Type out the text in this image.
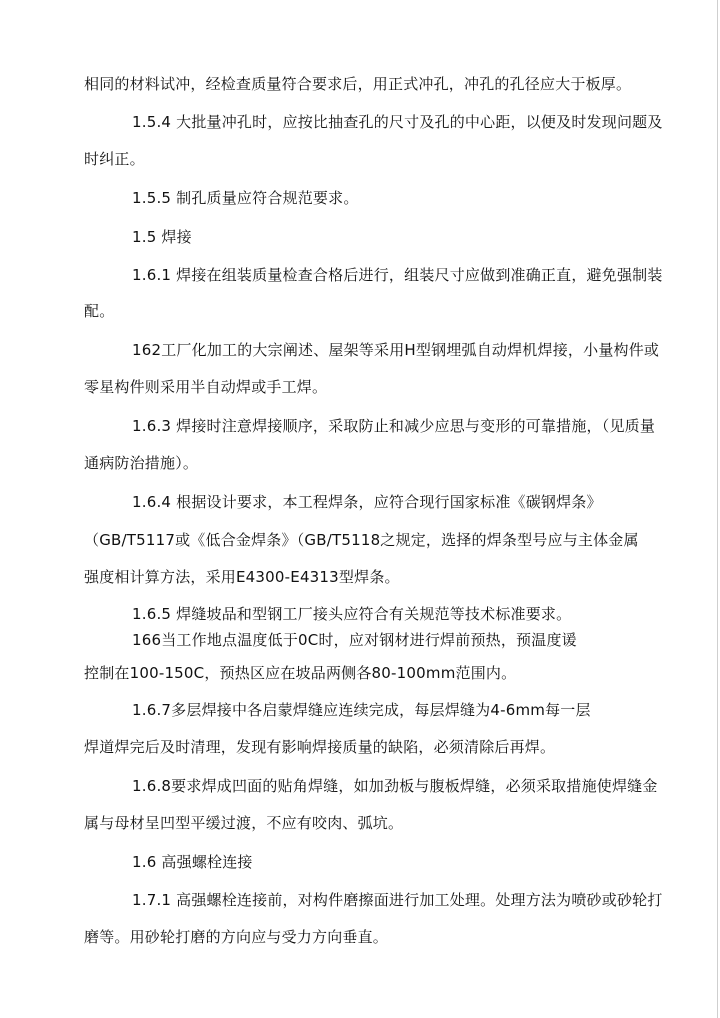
相同的材料试冲，经检查质量符合要求后，用正式冲孔，冲孔的孔径应大于板厚。
1.5.4 大批量冲孔时，应按比抽查孔的尺寸及孔的中心距，以便及时发现问题及
时纠正。
1.5.5 制孔质量应符合规范要求。
1.5 焊接
1.6.1 焊接在组装质量检查合格后进行，组装尺寸应做到准确正直，避免强制装
配。
162工厂化加工的大宗阐述、屋架等采用H型钢埋弧自动焊机焊接，小量构件或
零星构件则采用半自动焊或手工焊。
1.6.3 焊接时注意焊接顺序，采取防止和减少应思与变形的可靠措施，（见质量
通病防治措施）。
1.6.4 根据设计要求，本工程焊条，应符合现行国家标准《碳钢焊条》
（GB/T5117或《低合金焊条》（GB/T5118之规定，选择的焊条型号应与主体金属
强度相计算方法，采用E4300-E4313型焊条。
1.6.5 焊缝坡品和型钢工厂接头应符合有关规范等技术标准要求。
166当工作地点温度低于0C时，应对钢材进行焊前预热，预温度谖
控制在100-150C，预热区应在坡品两侧各80-100mm范围内。
1.6.7多层焊接中各启蒙焊缝应连续完成，每层焊缝为4-6mm每一层
焊道焊完后及时清理，发现有影响焊接质量的缺陷，必须清除后再焊。
1.6.8要求焊成凹面的贴角焊缝，如加劲板与腹板焊缝，必须采取措施使焊缝金
属与母材呈凹型平缓过渡，不应有咬肉、弧坑。
1.6 高强螺栓连接
1.7.1 高强螺栓连接前，对构件磨擦面进行加工处理。处理方法为喷砂或砂轮打
磨等。用砂轮打磨的方向应与受力方向垂直。
